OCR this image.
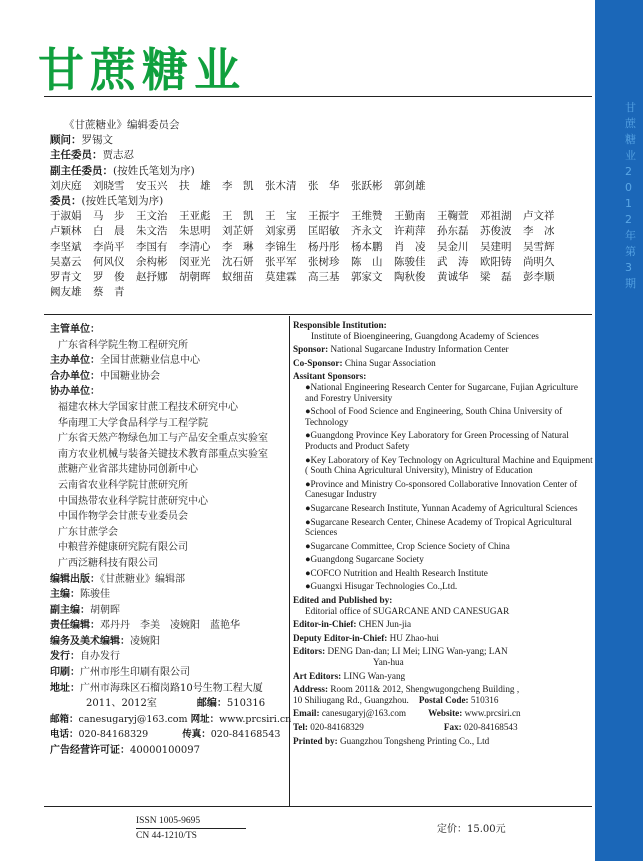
甘蔗糖业 2012年 第3期
甘蔗糖业
《甘蔗糖业》编辑委员会
顾问：罗锡文
主任委员：贾志忍
副主任委员：(按姓氏笔划为序)
刘庆庭	刘晓雪	安玉兴	扶　雄	李　凯	张木清	张　华	张跃彬	郭剑雄
委员：(按姓氏笔划为序)
于淑娟	马　步	王文治	王亚彪	王　凯	王　宝	王振宇	王维赞	王勤南	王鞠萱	邓祖湖	卢文祥
卢颖林	白　晨	朱文浩	朱思明	刘芷妍	刘家勇	匡昭敏	齐永文	许莉萍	孙东磊	苏俊波	李　冰
李坚斌	李尚平	李国有	李清心	李　琳	李锦生	杨丹彤	杨本鹏	肖　凌	吴金川	吴建明	吴雪辉
吴嘉云	何风仪	余构彬	闵亚光	沈石妍	张平军	张树珍	陈　山	陈骏佳	武　涛	欧阳铸	尚明久
罗青文	罗　俊	赵抒娜	胡朝晖	蚁细苗	莫建霖	高三基	郭家文	陶秋俊	黄诚华	梁　磊	彭李顺
阙友雄	蔡　青
主管单位：
广东省科学院生物工程研究所
主办单位：全国甘蔗糖业信息中心
合办单位：中国糖业协会
协办单位：
福建农林大学国家甘蔗工程技术研究中心
华南理工大学食品科学与工程学院
广东省天然产物绿色加工与产品安全重点实验室
南方农业机械与装备关键技术教育部重点实验室
蔗糖产业省部共建协同创新中心
云南省农业科学院甘蔗研究所
中国热带农业科学院甘蔗研究中心
中国作物学会甘蔗专业委员会
广东甘蔗学会
中粮营养健康研究院有限公司
广西泛糖科技有限公司
编辑出版：《甘蔗糖业》编辑部
主编：陈骏佳
副主编：胡朝晖
责任编辑：邓丹丹　李美　凌婉阳　蓝艳华
编务及美术编辑：凌婉阳
发行：自办发行
印刷：广州市彤生印刷有限公司
地址：广州市海珠区石榴岗路10号生物工程大厦
2011、2012室	邮编：510316
邮箱：canesugaryj@163.com 网址：www.prcsiri.cn
电话：020-84168329	传真：020-84168543
广告经营许可证：40000100097
Responsible Institution:
Institute of Bioengineering, Guangdong Academy of Sciences
Sponsor: National Sugarcane Industry Information Center
Co-Sponsor: China Sugar Association
Assitant Sponsors:
●National Engineering Research Center for Sugarcane, Fujian Agriculture and Forestry University
●School of Food Science and Engineering, South China University of Technology
●Guangdong Province Key Laboratory for Green Processing of Natural Products and Product Safety
●Key Laboratory of Key Technology on Agricultural Machine and Equipment ( South China Agricultural University), Ministry of Education
●Province and Ministry Co-sponsored Collaborative Innovation Center of Canesugar Industry
●Sugarcane Research Institute, Yunnan Academy of Agricultural Sciences
●Sugarcane Research Center, Chinese Academy of Tropical Agricultural Sciences
●Sugarcane Committee, Crop Science Society of China
●Guangdong Sugarcane Society
●COFCO Nutrition and Health Research Institute
●Guangxi Hisugar Technologies Co.,Ltd.
Edited and Published by:
Editorial office of SUGARCANE AND CANESUGAR
Editor-in-Chief: CHEN Jun-jia
Deputy Editor-in-Chief: HU Zhao-hui
Editors: DENG Dan-dan; LI Mei; LING Wan-yang; LAN
Yan-hua
Art Editors: LING Wan-yang
Address: Room 2011& 2012, Shengwugongcheng Building ,
10 Shiliugang Rd., Guangzhou. Postal Code: 510316
Email: canesugaryj@163.com Website: www.prcsiri.cn
Tel: 020-84168329	Fax: 020-84168543
Printed by: Guangzhou Tongsheng Printing Co., Ltd
ISSN 1005-9695
CN 44-1210/TS
定价：15.00元
